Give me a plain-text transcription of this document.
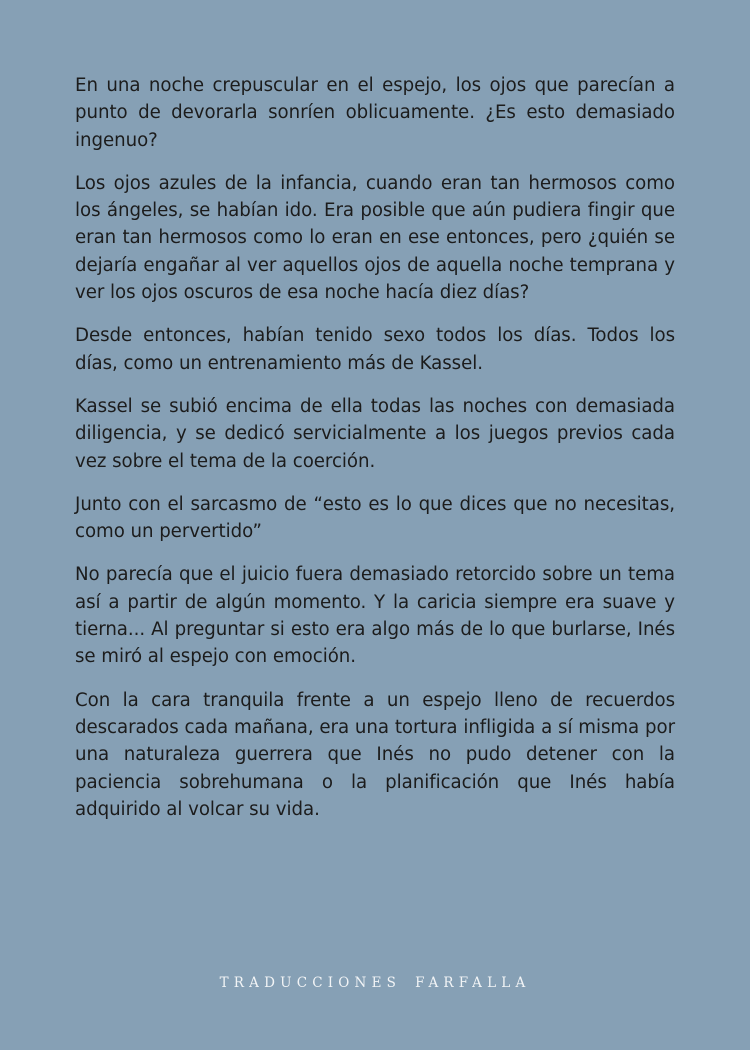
En una noche crepuscular en el espejo, los ojos que parecían a punto de devorarla sonríen oblicuamente. ¿Es esto demasiado ingenuo?

Los ojos azules de la infancia, cuando eran tan hermosos como los ángeles, se habían ido. Era posible que aún pudiera fingir que eran tan hermosos como lo eran en ese entonces, pero ¿quién se dejaría engañar al ver aquellos ojos de aquella noche temprana y ver los ojos oscuros de esa noche hacía diez días?

Desde entonces, habían tenido sexo todos los días. Todos los días, como un entrenamiento más de Kassel.

Kassel se subió encima de ella todas las noches con demasiada diligencia, y se dedicó servicialmente a los juegos previos cada vez sobre el tema de la coerción.

Junto con el sarcasmo de “esto es lo que dices que no necesitas, como un pervertido”

No parecía que el juicio fuera demasiado retorcido sobre un tema así a partir de algún momento. Y la caricia siempre era suave y tierna... Al preguntar si esto era algo más de lo que burlarse, Inés se miró al espejo con emoción.

Con la cara tranquila frente a un espejo lleno de recuerdos descarados cada mañana, era una tortura infligida a sí misma por una naturaleza guerrera que Inés no pudo detener con la paciencia sobrehumana o la planificación que Inés había adquirido al volcar su vida.

TRADUCCIONES FARFALLA
